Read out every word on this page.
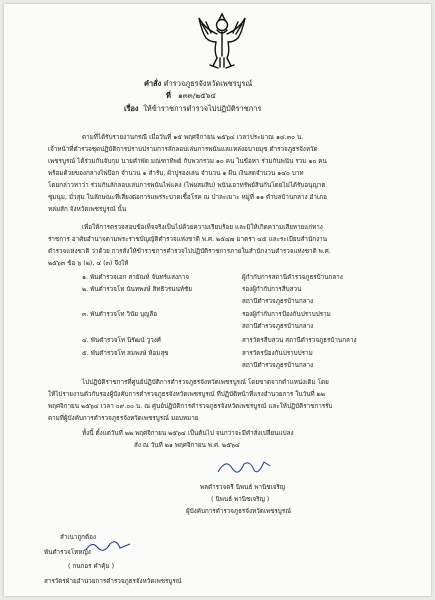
คำสั่ง ตำรวจภูธรจังหวัดเพชรบูรณ์
ที่ ๑๓๓/๒๕๖๔
เรื่อง ให้ข้าราชการตำรวจไปปฏิบัติราชการ
ตามที่ได้รับรายงานกรณี เมื่อวันที่ ๑๕ พฤศจิกายน ๒๕๖๔ เวลาประมาณ ๑๔.๓๐ น.
เจ้าหน้าที่ตำรวจชุดปฏิบัติการปราบปรามการลักลอบเล่นการพนันแลแหล่งอบายมุข ตำรวจภูธรจังหวัด
เพชรบูรณ์ ได้ร่วมกันจับกุม นายคำพัด มณฑาทิพย์ กับพวกรวม ๑๐ คน ในข้อหา ร่วมกันพนัน รวม ๑๐ คน
พร้อมด้วยของกลางไพ่ป๊อก จำนวน ๑ สำรับ, ผ้าปูรองเล่น จำนวน ๑ ผืน เงินสดจำนวน ๑๔๐ บาท
โดยกล่าวหาว่า ร่วมกันลักลอบเล่นการพนันไพ่แคง (ไพ่ผสมสิบ) พนันเอาทรัพย์สินกันโดยไม่ได้รับอนุญาต
ชุมนุม, มั่วสุม ในลักษณะที่เสี่ยงต่อการแพร่ระบาดเชื้อโรค ณ ป่าละเมาะ หมู่ที่ ๑๑ ตำบลบ้านกลาง อำเภอ
หล่มสัก จังหวัดเพชรบูรณ์ นั้น
เพื่อให้การตรวจสอบข้อเท็จจริงเป็นไปด้วยความเรียบร้อย และมิให้เกิดความเสียหายแก่ทาง
ราชการ อาศัยอำนาจตามพระราชบัญญัติตำรวจแห่งชาติ พ.ศ. ๒๕๔๗ มาตรา ๔๕ และระเบียบสำนักงาน
ตำรวจแห่งชาติ ว่าด้วย การสั่งให้ข้าราชการตำรวจไปปฏิบัติราชการภายในสำนักงานตำรวจแห่งชาติ พ.ศ.
๒๕๖๓ ข้อ ๖ (๒), ๔ (๓) จึงให้
๑. พันตำรวจเอก สายัณห์ จันทร์แสงกาจ	ผู้กำกับการสถานีตำรวจภูธรบ้านกลาง
๒. พันตำรวจโท นันทพงษ์ สิทธิวรนนท์ชัย	รองผู้กำกับการสืบสวน
สถานีตำรวจภูธรบ้านกลาง
๓. พันตำรวจโท วินัย บุญลือ	รองผู้กำกับการป้องกันปราบปราม
สถานีตำรวจภูธรบ้านกลาง
๔. พันตำรวจโท นิรัฒน์ วูวงศ์	สารวัตรสืบสวน สถานีตำรวจภูธรบ้านกลาง
๕. พันตำรวจโท สมพงษ์ ห้อมสุข	สารวัตรป้องกันปราบปราม
สถานีตำรวจภูธรบ้านกลาง
ไปปฏิบัติราชการที่ศูนย์ปฏิบัติการตำรวจภูธรจังหวัดเพชรบูรณ์ โดยขาดจากตำแหน่งเดิม โดย
ให้ไปรายงานตัวกับรองผู้บังคับการตำรวจภูธรจังหวัดเพชรบูรณ์ ที่ปฏิบัติหน้าที่แรงอำนวยการ ในวันที่ ๒๒
พฤศจิกายน ๒๕๖๔ เวลา ๐๙.๐๐ น. ณ ศูนย์ปฏิบัติการตำรวจภูธรจังหวัดเพชรบูรณ์ และให้ปฏิบัติราชการรับ
ตามที่ผู้บังคับการตำรวจภูธรจังหวัดเพชรบูรณ์ มอบหมาย
ทั้งนี้ ตั้งแต่วันที่ ๒๒ พฤศจิกายน ๒๕๖๔ เป็นต้นไป จนกว่าจะมีคำสั่งเปลี่ยนแปลง
สั่ง ณ วันที่ ๒๑ พฤศจิกายน พ.ศ. ๒๕๖๔
พลตำรวจตรี นิพนธ์ พานิชเจริญ
( นิพนธ์ พานิชเจริญ )
ผู้บังคับการตำรวจภูธรจังหวัดเพชรบูรณ์
สำเนาถูกต้อง
พันตำรวจโทหญิง
( กนกอร คำคุ้ม )
สารวัตรฝ่ายอำนวยการตำรวจภูธรจังหวัดเพชรบูรณ์
